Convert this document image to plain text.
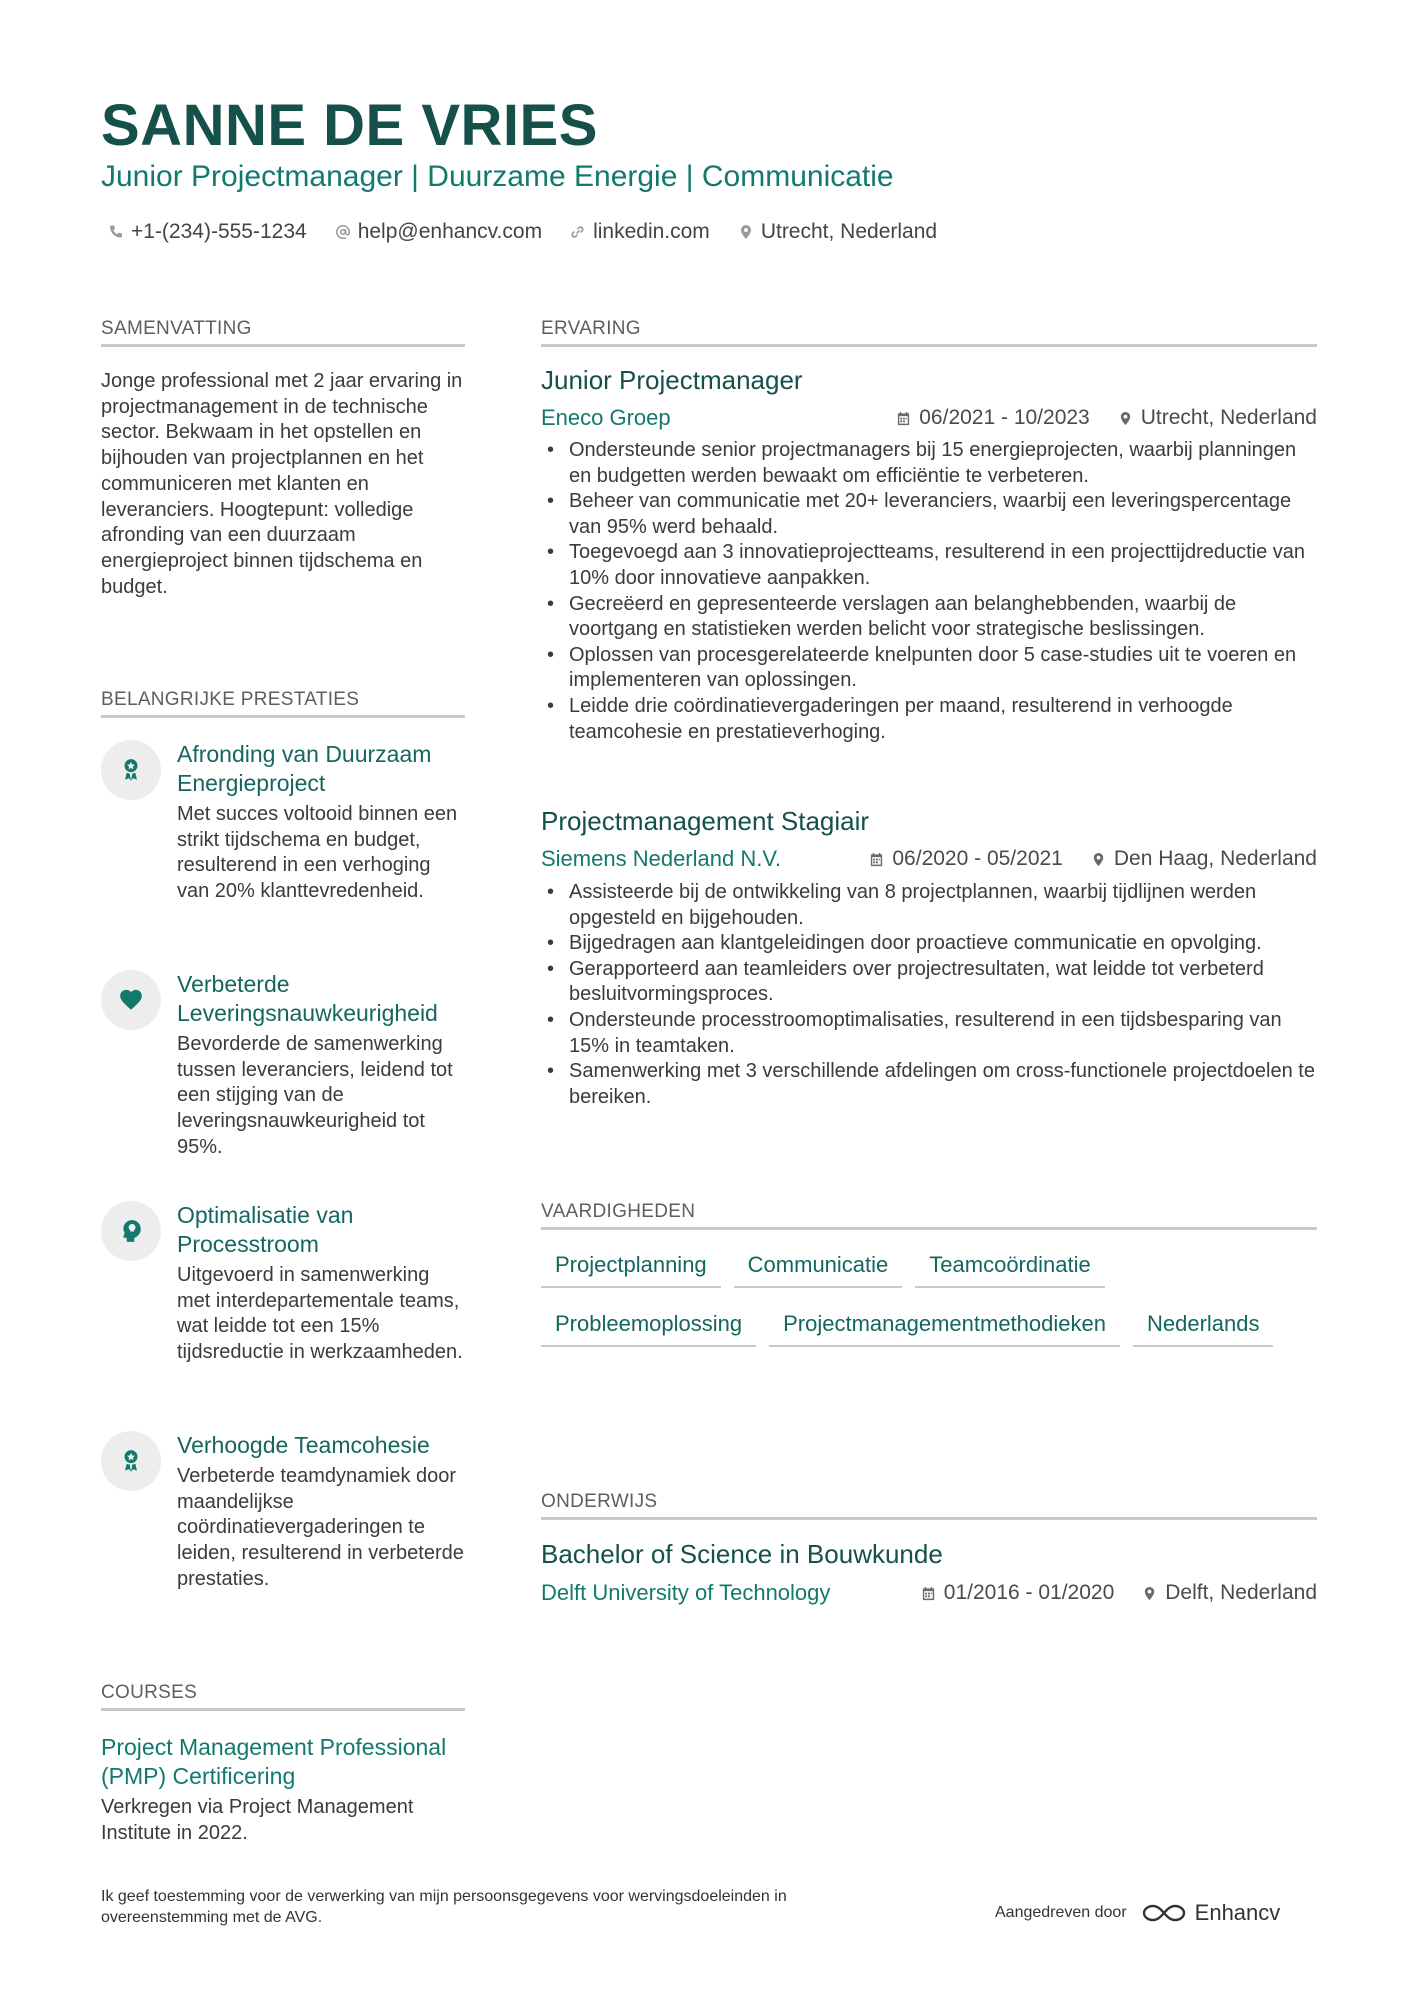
SANNE DE VRIES
Junior Projectmanager | Duurzame Energie | Communicatie
+1-(234)-555-1234 help@enhancv.com linkedin.com Utrecht, Nederland
SAMENVATTING

Jonge professional met 2 jaar ervaring in projectmanagement in de technische sector. Bekwaam in het opstellen en bijhouden van projectplannen en het communiceren met klanten en leveranciers. Hoogtepunt: volledige afronding van een duurzaam energieproject binnen tijdschema en budget.

BELANGRIJKE PRESTATIES
Afronding van Duurzaam Energieproject
Met succes voltooid binnen een strikt tijdschema en budget, resulterend in een verhoging van 20% klanttevredenheid.
Verbeterde Leveringsnauwkeurigheid
Bevorderde de samenwerking tussen leveranciers, leidend tot een stijging van de leveringsnauwkeurigheid tot 95%.
Optimalisatie van Processtroom
Uitgevoerd in samenwerking met interdepartementale teams, wat leidde tot een 15% tijdsreductie in werkzaamheden.
Verhoogde Teamcohesie
Verbeterde teamdynamiek door maandelijkse coördinatievergaderingen te leiden, resulterend in verbeterde prestaties.
COURSES
Project Management Professional (PMP) Certificering
Verkregen via Project Management Institute in 2022.
ERVARING
Junior Projectmanager
Eneco Groep	06/2021 - 10/2023 Utrecht, Nederland
• Ondersteunde senior projectmanagers bij 15 energieprojecten, waarbij planningen en budgetten werden bewaakt om efficiëntie te verbeteren.
• Beheer van communicatie met 20+ leveranciers, waarbij een leveringspercentage van 95% werd behaald.
• Toegevoegd aan 3 innovatieprojectteams, resulterend in een projecttijdreductie van 10% door innovatieve aanpakken.
• Gecreëerd en gepresenteerde verslagen aan belanghebbenden, waarbij de voortgang en statistieken werden belicht voor strategische beslissingen.
• Oplossen van procesgerelateerde knelpunten door 5 case-studies uit te voeren en implementeren van oplossingen.
• Leidde drie coördinatievergaderingen per maand, resulterend in verhoogde teamcohesie en prestatieverhoging.
Projectmanagement Stagiair
Siemens Nederland N.V.	06/2020 - 05/2021 Den Haag, Nederland
• Assisteerde bij de ontwikkeling van 8 projectplannen, waarbij tijdlijnen werden opgesteld en bijgehouden.
• Bijgedragen aan klantgeleidingen door proactieve communicatie en opvolging.
• Gerapporteerd aan teamleiders over projectresultaten, wat leidde tot verbeterd besluitvormingsproces.
• Ondersteunde processtroomoptimalisaties, resulterend in een tijdsbesparing van 15% in teamtaken.
• Samenwerking met 3 verschillende afdelingen om cross-functionele projectdoelen te bereiken.
VAARDIGHEDEN
Projectplanning	Communicatie	Teamcoördinatie
Probleemoplossing	Projectmanagementmethodieken	Nederlands
ONDERWIJS
Bachelor of Science in Bouwkunde
Delft University of Technology	01/2016 - 01/2020 Delft, Nederland
Ik geef toestemming voor de verwerking van mijn persoonsgegevens voor wervingsdoeleinden in overeenstemming met de AVG.	Aangedreven door	Enhancv
